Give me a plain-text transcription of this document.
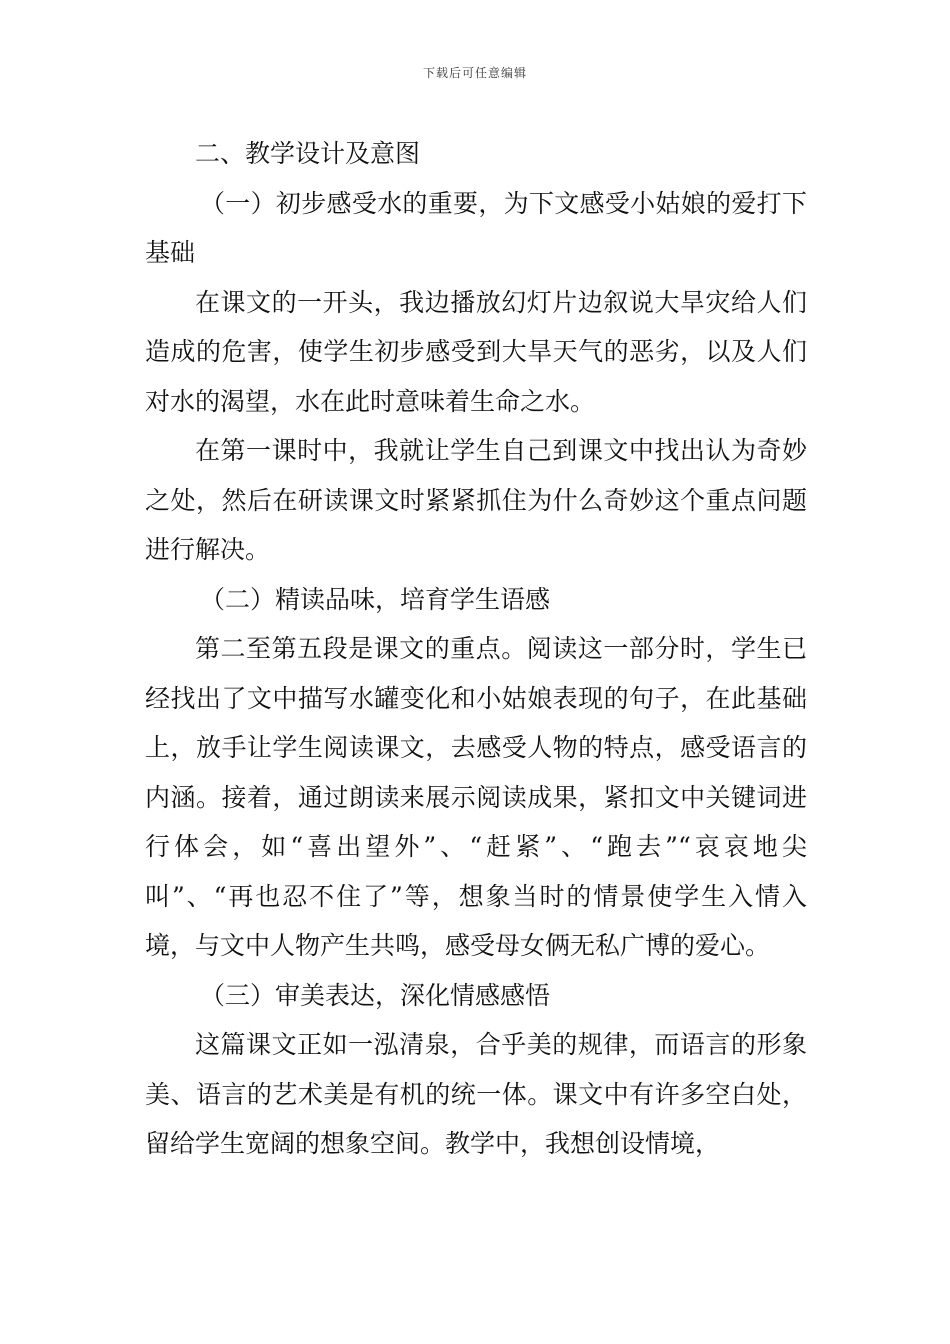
下载后可任意编辑

二、教学设计及意图

（一）初步感受水的重要，为下文感受小姑娘的爱打下基础

在课文的一开头，我边播放幻灯片边叙说大旱灾给人们造成的危害，使学生初步感受到大旱天气的恶劣，以及人们对水的渴望，水在此时意味着生命之水。

在第一课时中，我就让学生自己到课文中找出认为奇妙之处，然后在研读课文时紧紧抓住为什么奇妙这个重点问题进行解决。

（二）精读品味，培育学生语感

第二至第五段是课文的重点。阅读这一部分时，学生已经找出了文中描写水罐变化和小姑娘表现的句子，在此基础上，放手让学生阅读课文，去感受人物的特点，感受语言的内涵。接着，通过朗读来展示阅读成果，紧扣文中关键词进行体会，如“喜出望外”、“赶紧”、“跑去”“哀哀地尖叫”、“再也忍不住了”等，想象当时的情景使学生入情入境，与文中人物产生共鸣，感受母女俩无私广博的爱心。

（三）审美表达，深化情感感悟

这篇课文正如一泓清泉，合乎美的规律，而语言的形象美、语言的艺术美是有机的统一体。课文中有许多空白处，留给学生宽阔的想象空间。教学中，我想创设情境，
